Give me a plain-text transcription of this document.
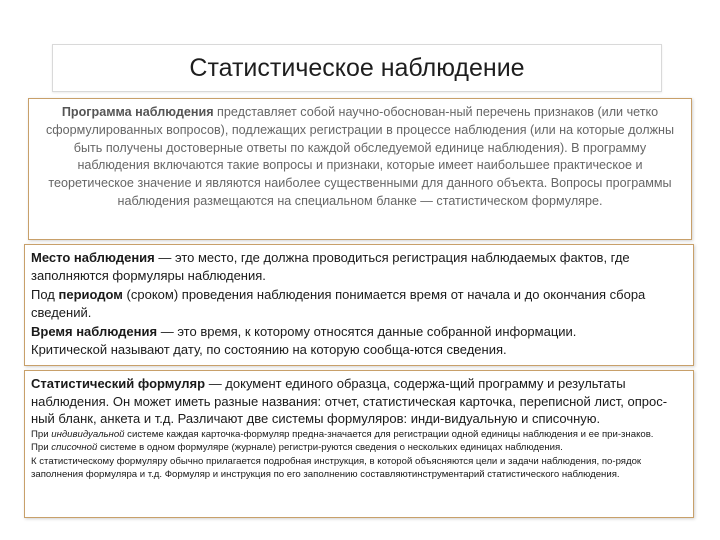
Статистическое наблюдение
Программа наблюдения представляет собой научно-обоснован-ный перечень признаков (или четко сформулированных вопросов), подлежащих регистрации в процессе наблюдения (или на которые должны быть получены достоверные ответы по каждой обследуемой единице наблюдения). В программу наблюдения включаются такие вопросы и признаки, которые имеет наибольшее практическое и теоретическое значение и являются наиболее существенными для данного объекта. Вопросы программы наблюдения размещаются на специальном бланке — статистическом формуляре.

Место наблюдения — это место, где должна проводиться регистрация наблюдаемых фактов, где заполняются формуляры наблюдения.

Под периодом (сроком) проведения наблюдения понимается время от начала и до окончания сбора сведений.

Время наблюдения — это время, к которому относятся данные собранной информации.

Критической называют дату, по состоянию на которую сообща-ются сведения.

Статистический формуляр — документ единого образца, содержа-щий программу и результаты наблюдения. Он может иметь разные названия: отчет, статистическая карточка, переписной лист, опрос-ный бланк, анкета и т.д. Различают две системы формуляров: инди-видуальную и списочную.

При индивидуальной системе каждая карточка-формуляр предна-значается для регистрации одной единицы наблюдения и ее при-знаков.

При списочной системе в одном формуляре (журнале) регистри-руются сведения о нескольких единицах наблюдения.

К статистическому формуляру обычно прилагается подробная инструкция, в которой объясняются цели и задачи наблюдения, по-рядок заполнения формуляра и т.д. Формуляр и инструкция по его заполнению составляютинструментарий статистического наблюдения.
